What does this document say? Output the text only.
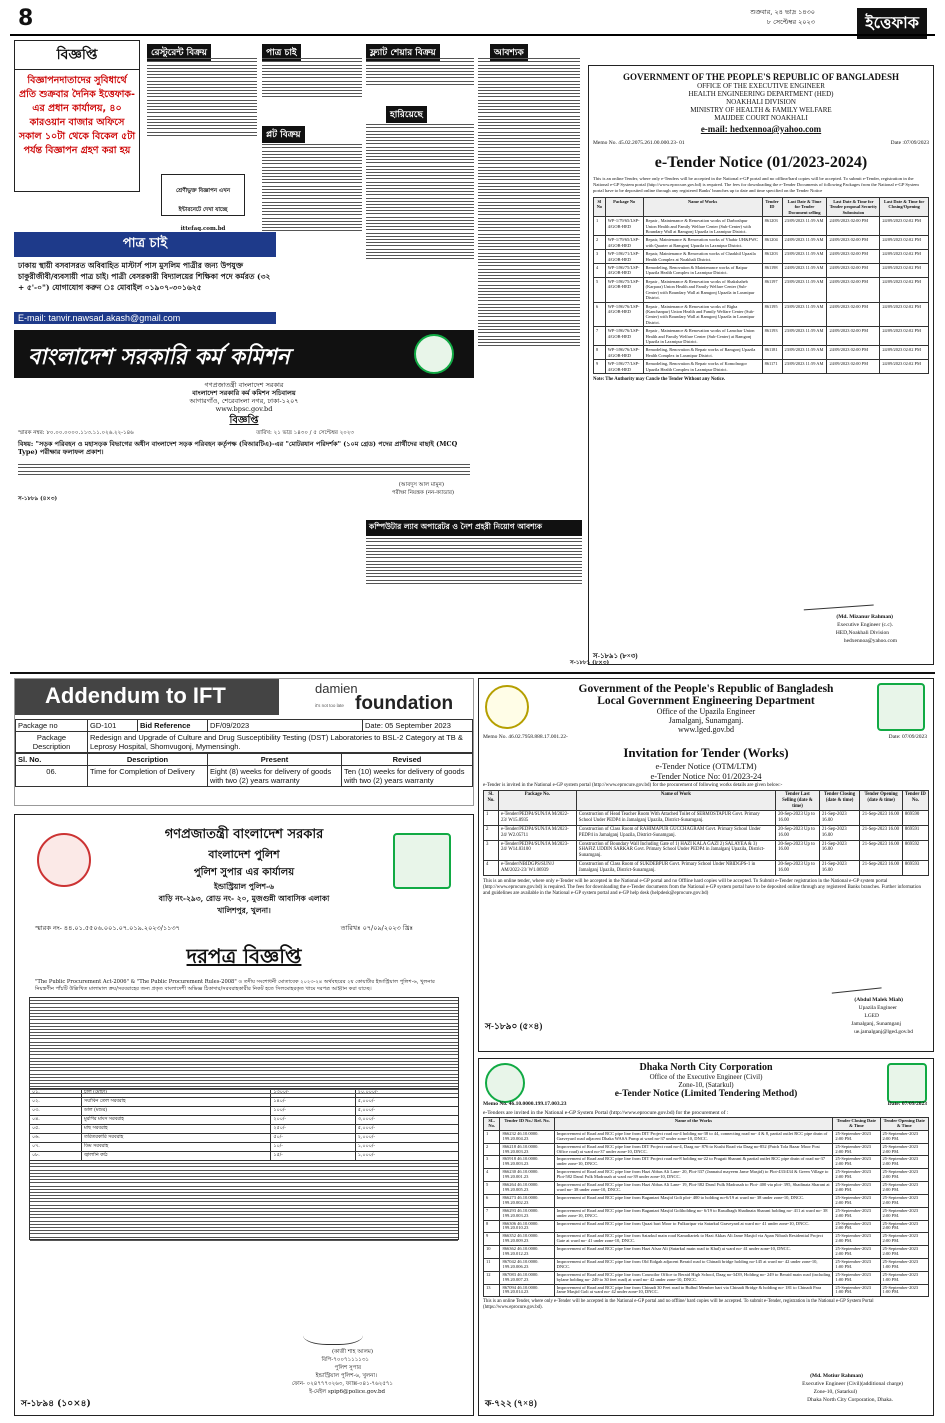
8	শুক্রবার, ২৪ ভাদ্র ১৪৩০
৮ সেপ্টেম্বর ২০২৩	ইত্তেফাক
বিজ্ঞপ্তি
বিজ্ঞাপনদাতাদের সুবিধার্থে প্রতি শুক্রবার দৈনিক ইত্তেফাক-এর প্রধান কার্যালয়, ৪০ কারওয়ান বাজার অফিসে সকাল ১০টা থেকে বিকেল ৫টা পর্যন্ত বিজ্ঞাপন গ্রহণ করা হয়
পাত্র চাই
ঢাকায় স্থায়ী বসবাসরত অবিবাহিত মাস্টার্স পাস মুসলিম পাত্রীর জন্য উপযুক্ত চাকুরীজীবী/ব্যবসায়ী পাত্র চাই। পাত্রী বেসরকারী বিদ্যালয়ের শিক্ষিকা পদে কর্মরত (৩২ + ৫'-০") যোগাযোগ করুন ঃ মোবাইল ০১৯০৭-৩০১৬২৫
E-mail: tanvir.nawsad.akash@gmail.com
রেস্টুরেন্ট বিক্রয়
শ্রেণীভুক্ত বিজ্ঞাপন এখন ইন্টারনেটে দেখা যাচ্ছে ittefaq.com.bd
পাত্র চাই
প্লট বিক্রয়
ফ্ল্যাট শেয়ার বিক্রয়
হারিয়েছে
আবশ্যক
বাংলাদেশ সরকারি কর্ম কমিশন
গণপ্রজাতন্ত্রী বাংলাদেশ সরকার
বাংলাদেশ সরকারি কর্ম কমিশন সচিবালয়
আগারগাঁও, শেরেবাংলা নগর, ঢাকা-১২০৭
www.bpsc.gov.bd
বিজ্ঞপ্তি
স্মারক নম্বর: ৮০.০০.০০০০.১১৩.১১.০২৬.২২-১৪৬	তারিখ: ২১ ভাদ্র ১৪৩০ / ৫ সেপ্টেম্বর ২০২৩
বিষয়: "সড়ক পরিবহন ও মহাসড়ক বিভাগের অধীন বাংলাদেশ সড়ক পরিবহন কর্তৃপক্ষ (বিআরটিএ)-এর "মোটরযান পরিদর্শক" (১০ম গ্রেড) পদের প্রার্থীদের বাছাই (MCQ Type) পরীক্ষার ফলাফল প্রকাশ।
(আবদুস আল মামুন)
পরীক্ষা নিয়ন্ত্রক (নন-ক্যাডার)
স-১৮৮৯ (৪×৩)
কম্পিউটার ল্যাব অপারেটর ও নৈশ প্রহরী নিয়োগ আবশ্যক
স-১৮৮১ (৮×৩)
GOVERNMENT OF THE PEOPLE'S REPUBLIC OF BANGLADESH
OFFICE OF THE EXECUTIVE ENGINEER
HEALTH ENGINEERING DEPARTMENT (HED)
NOAKHALI DIVISION
MINISTRY OF HEALTH & FAMILY WELFARE
MAIJDEE COURT NOAKHALI
e-mail: hedxennoa@yahoo.com
Memo No. 45.02.2075.261.00.000.23- 01	Date :07/09/2023
e-Tender Notice (01/2023-2024)
This is an online Tender, where only e-Tenders will be accepted in the National e-GP portal and no offline/hard copies will be accepted. To submit e-Tender, registration in the National e-GP System portal (http://www.eprocure.gov.bd) is required. The fees for downloading the e-Tender Documents of following Packages from the National e-GP System portal have to be deposited online through any registered Banks' branches up to date and time specified on the Tender Notice
Sl No	Package No	Name of Works	Tender ID	Last Date & Time for Tender Document selling	Last Date & Time for Tender proposal Security Submission	Last Date & Time for Closing/Opening
1	WP-1/79/65/LSP-4/GOB-HED	Repair , Maintenance & Renovation works of Darboshpur Union Health and Family Welfare Center (Sub-Center) with Boundary Wall at Ramgonj Upazila in Laxmipur District.	861203	23/09/2023 11:59 AM	24/09/2023 02:00 PM	24/09/2023 02:02 PM
2	WP-1/79/65/LSP-4/GOB-HED	Repair, Maintenance & Renovation works of Vhabir UH&FWC with Quarter at Ramgonj Upazila in Laxmipur District.	861204	24/09/2023 11:59 AM	24/09/2023 02:00 PM	24/09/2023 02:02 PM
3	WP-1/86/71/LSP-4/GOB-HED	Repair, Maintenance & Renovation works of Charkhil Upazila Health Complex at Noakhali District.	861203	23/09/2023 11:59 AM	24/09/2023 02:00 PM	24/09/2023 02:02 PM
4	WP-1/86/75/LSP-4/GOB-HED	Remodeling, Renovation & Maintenance works of Raipur Upazila Health Complex in Laxmipur District.	861198	24/09/2023 11:59 AM	24/09/2023 02:00 PM	24/09/2023 02:02 PM
5	WP-1/86/75/LSP-4/GOB-HED	Repair , Maintenance & Renovation works of Shakshaheb (Karpara) Union Health and Family Welfare Center (Sub-Center) with Boundary Wall at Ramgonj Upazila in Laxmipur District.	861197	23/09/2023 11:59 AM	24/09/2023 02:00 PM	24/09/2023 02:02 PM
6	WP-1/86/76/LSP-4/GOB-HED	Repair , Maintenance & Renovation works of Bigha (Kanchanpur) Union Health and Family Welfare Center (Sub-Center) with Boundary Wall at Ramgonj Upazila in Laxmipur District.	861195	23/09/2023 11:59 AM	24/09/2023 02:00 PM	24/09/2023 02:02 PM
7	WP-1/86/76/LSP-4/GOB-HED	Repair , Maintenance & Renovation works of Lamchar Union Health and Family Welfare Center (Sub-Center) at Ramgonj Upazila in Laxmipur District.	861193	23/09/2023 11:59 AM	24/09/2023 02:00 PM	24/09/2023 02:02 PM
8	WP-1/86/76/LSP-4/GOB-HED	Remodeling, Renovation & Repair works of Ramgonj Upazila Health Complex in Laxmipur District.	861181	23/09/2023 11:59 AM	24/09/2023 02:00 PM	24/09/2023 02:02 PM
9	WP-1/86/77/LSP-4/GOB-HED	Remodeling, Renovation & Repair works of Komolnogor Upazila Health Complex in Laxmipur District.	861171	23/09/2023 11:59 AM	24/09/2023 02:00 PM	24/09/2023 02:02 PM
Note: The Authority may Cancle the Tender Without any Notice.
(Md. Mizanur Rahman)
Executive Engineer (c.c).
HED,Noakhali Division
hedxennoa@yahoo.com
স-১৮৯১ (৮×৩)
Addendum to IFT	damien
foundation
it's not too late
Package no	GD-101	Bid Reference	DF/09/2023	Date: 05 September 2023
Package Description	Redesign and Upgrade of Culture and Drug Susceptibility Testing (DST) Laboratories to BSL-2 Category at TB & Leprosy Hospital, Shomvugonj, Mymensingh.			
Sl. No.	Description	Present	Revised
06.	Time for Completion of Delivery	Eight (8) weeks for delivery of goods with two (2) years warranty	Ten (10) weeks for delivery of goods with two (2) years warranty
গণপ্রজাতন্ত্রী বাংলাদেশ সরকার
বাংলাদেশ পুলিশ
পুলিশ সুপার এর কার্যালয়
ইন্ডাস্ট্রিয়াল পুলিশ-৬
বাড়ি নং-২৯৩, রোড নং- ২০, মুজগুন্নী আবাসিক এলাকা
খালিশপুর, খুলনা।
স্মারক নং- ৪৪.০১.৫৫০৬.০০১.০৭.০১৯.২০২৩/১১৩৭	তারিখঃ ০৭/০৯/২০২৩ খ্রিঃ
দরপত্র বিজ্ঞপ্তি
"The Public Procurement Act-2006" & "The Public Procurement Rules-2008" ও তদীয় সংশোধনী মোতাবেক ২০২৩-২৪ অর্থবছরের ২য় কোয়ার্টার ইন্ডাস্ট্রিয়াল পুলিশ-৬, খুলনার নিয়ন্ত্রণীন পাঁচটি উল্লিখিত মালামাল ক্রয়/সরবরাহের জন্য প্রকৃত বাংলাদেশী অভিজ্ঞ ঠিকাদার/সরবরাহকারীর নিকট হতে সিলমোহরকৃত খামে দরপত্র আহ্বান করা যাচ্ছে।

০২.	সয়াবিন তেল সরবরাহ	১৪০/-	৫,০০০/-
০৩.	ডাল (মশুর)	১০০/-	৫,০০০/-
০৪.	মুরগির মাংস সরবরাহ	২০০/-	৩,০০০/-
০৫.	মাছ সরবরাহ	২৫০/-	৫,০০০/-
০৬.	তরিতরকারি সরবরাহ	৫০/-	২,০০০/-
০৭.	ডিম সরবরাহ	১০/-	১,০০০/-
০৮.	জ্বালানি কাঠ	১৫/-	১,০০০/-
(কাজী শাহ আলম)
বিপি-৭০০৭১১১১৩১
পুলিশ সুপার
ইন্ডাস্ট্রিয়াল পুলিশ-৬, খুলনা।
ফোন- ০২৪৭৭৭০২৬৩, ফ্যাক্স-০৪১-৭৬২৫৭১
ই-মেইল spip6@police.gov.bd
স-১৮৯৪ (১০×৪)
Government of the People's Republic of Bangladesh
Local Government Engineering Department
Office of the Upazila Engineer
Jamalganj, Sunamganj.
www.lged.gov.bd
Memo No. 46.02.7958.888.17.001.22-	Date: 07/09/2023
Invitation for Tender (Works)
e-Tender Notice (OTM/LTM)
e-Tender Notice No: 01/2023-24
e-Tender is invited in the National e-GP system portal (http://www.eprocure.gov.bd) for the procurement of following works details are given below:-
Sl. No.	Package No.	Name of Work	Tender Last Selling (date & time)	Tender Closing (date & time)	Tender Opening (date & time)	Tender ID No.
1	e-Tender/PEDP4/SUN/JA M/2022-23/ W15.0935	Construction of Head Teacher Room With Attached Toilet of SERMOSTAPUR Govt. Primary School Under PEDP4 in Jamalganj Upazila, District-Sunamganj.	20-Sep-2023 Up to 16.00	21-Sep-2023 16.00	21-Sep-2023 16.00	869590
2	e-Tender/PEDP4/SUN/JA M/2023-24/ W2.05711	Construction of Class Room of RAHIMAPUR GUCCHAGRAM Govt. Primary School Under PEDP4 in Jamalganj Upazila, District-Sunamganj.	20-Sep-2023 Up to 16.00	21-Sep-2023 16.00	21-Sep-2023 16.00	869591
3	e-Tender/PEDP4/SUN/JA M/2023-24/ W14.03100	Construction of Boundary Wall Including Gate of 1) HAZI KALA GAZI 2) SALAYEA & 3) SHAFIZ UDDIN SARKAR Govt. Primary School Under PEDP4 in Jamalganj Upazila, District-Sunamganj.	20-Sep-2023 Up to 16.00	21-Sep-2023 16.00	21-Sep-2023 16.00	869592
4	e-Tender/NBIDGPS/SUN/J AM/2022-23/ W1.06939	Construction of Class Room of SUKDEBPUR Govt. Primary School Under NBIDGPS-1 in Jamalganj Upazila, District-Sunamganj.	20-Sep-2023 Up to 16.00	21-Sep-2023 16.00	21-Sep-2023 16.00	869593
This is an online tender, where only e-Tender will be accepted in the National e-GP portal and no Offline hard copies will be accepted. To Submit e-Tender registration in the National e-GP system portal (http://www.eprocure.gov.bd) is required. The fees for downloading the e-Tender documents from the National e-GP system portal have to be deposited online through any registered Banks branches. Further information and guidelines are available in the National e-GP system portal and e-GP help desk (helpdesk@eprocure.gov.bd)
(Abdul Malek Miah)
Upazila Engineer
LGED
Jamalganj, Sunamganj
ue.jamalganj@lged.gov.bd
স-১৮৯০ (৫×৪)
Dhaka North City Corporation
Office of the Executive Engineer (Civil)
Zone-10, (Satarkul)
e-Tender Notice (Limited Tendering Method)
Memo No. 46.10.0000.199.17.003.23	Date: 07/09/2023
e-Tenders are invited in the National e-GP System Portal (http://www.eprocure.gov.bd) for the procurement of :
SL. No.	Tender ID No./ Ref. No.	Name of the Works	Tender Closing Date & Time	Tender Opening Date & Time
1	866232 46.10.0000. 199.20.004.23	Improvement of Road and RCC pipe line from DIT Project road no-4 holding no-38 to 44, connecting road no- 4 & 8, partial outlet RCC pipe drain of Graveyard road adjacent Dhaka WASA Pump at ward no-37 under zone-10, DNCC.	25-September-2023 2:00 PM.	25-September-2023 2:00 PM.
2	866218 46.10.0000. 199.20.003.23	Improvement of Road and RCC pipe line from DIT Project road no-4, Daag no- 876 to Kushi Road via Daag no-852 (Patch Tola Bazar Moor Post Office road) at ward no-37 under zone-10, DNCC.	25-September-2023 2:00 PM.	25-September-2023 2:00 PM.
3	865918 46.10.0000. 199.20.003.23	Improvement of Road and RCC pipe line from DIT Project road no-8 holding no-22 to Pragati Sharani & partial outlet RCC pipe drain of road no-37 under zone-10, DNCC.	25-September-2023 2:00 PM.	25-September-2023 2:00 PM.
4	866230 46.10.0000. 199.20.001.23	Improvement of Road and RCC pipe line from Hazi Abbas Ali Lane- 20, Plot-337 (Jannatul mayeem Jame Masjid) to Plot-433/434 & Green Village to Plot-582 Darul Fulk Madrasah at ward no-39 under zone-10, DNCC.	25-September-2023 2:00 PM.	25-September-2023 2:00 PM.
5	866264 46.10.0000. 199.20.005.23	Improvement of Road and RCC pipe line from Hazi Abbas Ali Lane- 19, Plot-382 Darul Fulk Madrasah to Plot- 400 via plot- 395, Shadinata Sharani at ward no- 38 under zone-10, DNCC.	25-September-2023 2:00 PM.	25-September-2023 2:00 PM.
6	866273 46.10.0000. 199.20.002.23	Improvement of Road and RCC pipe line from Bagantari Masjid Goli plot- 400 to holding no-6/19 at ward no- 38 under zone-10, DNCC.	25-September-2023 2:00 PM.	25-September-2023 2:00 PM.
7	866293 46.10.0000. 199.20.003.23	Improvement of Road and RCC pipe line from Bagantari Masjid Goliholding no- 6/19 to Rasulbagh Shadinata Sharani holding no- 411 at ward no- 38 under zone-10, DNCC.	25-September-2023 2:00 PM.	25-September-2023 2:00 PM.
8	866306 46.10.0000. 199.20.010.23	Improvement of Road and RCC pipe line from Quazi bari Moor to Fulkuripar via Satarkul Graveyard at ward no- 41 under zone-10, DNCC.	25-September-2023 2:00 PM.	25-September-2023 2:00 PM.
9	866352 46.10.0000. 199.20.009.23	Improvement of Road and RCC pipe line from Satarkul main road Kanudiartek to Hazi Akkas Ali Jame Masjid via Apan Nibash Residential Project Gate at ward no- 41 under zone-10, DNCC.	25-September-2023 2:00 PM.	25-September-2023 2:00 PM.
10	866362 46.10.0000. 199.20.012.23	Improvement of Road and RCC pipe line from Hazi Afsar Ali (Satarkul main road to Khal) at ward no- 41 under zone-10, DNCC.	25-September-2023 2:00 PM.	25-September-2023 2:00 PM.
11	867042 46.10.0000. 199.20.006.23	Improvement of Road and RCC pipe line from Old Eidgah adjacent Beraid road to Chinadi bridge holding no-145 at ward no- 42 under zone-10, DNCC.	25-September-2023 1:00 PM.	25-September-2023 1:00 PM.
12	867083 46.10.0000. 199.20.007.23	Improvement of Road and RCC pipe line from Councilor Office to Beraid High School, Daag no-3439, Holding no- 249 to Beraid main road (including bylane holding no- 249 to 30 feet road) at ward no- 42 under zone-10, DNCC.	25-September-2023 1:00 PM.	25-September-2023 1:00 PM.
13	867094 46.10.0000. 199.20.014.23	Improvement of Road and RCC pipe line from Chinadi 30 Feet road to Bulbul Member bari via Chinadi Bridge & holding no- 181 to Chinadi Para Jame Masjid Goli at ward no- 42 under zone-10, DNCC.	25-September-2023 1:00 PM.	25-September-2023 1:00 PM.
This is an online Tender, where only e-Tender will be accepted in the National e-GP portal and no offline/ hard copies will be accepted. To submit e-Tender, registration in the National e-GP System Portal (https://www.eprocure.gov.bd).
(Md. Motiur Rahman)
Executive Engineer (Civil)(additional charge)
Zone-10, (Satarkul)
Dhaka North City Corporation, Dhaka.
ক-৭২২ (৭×৪)
